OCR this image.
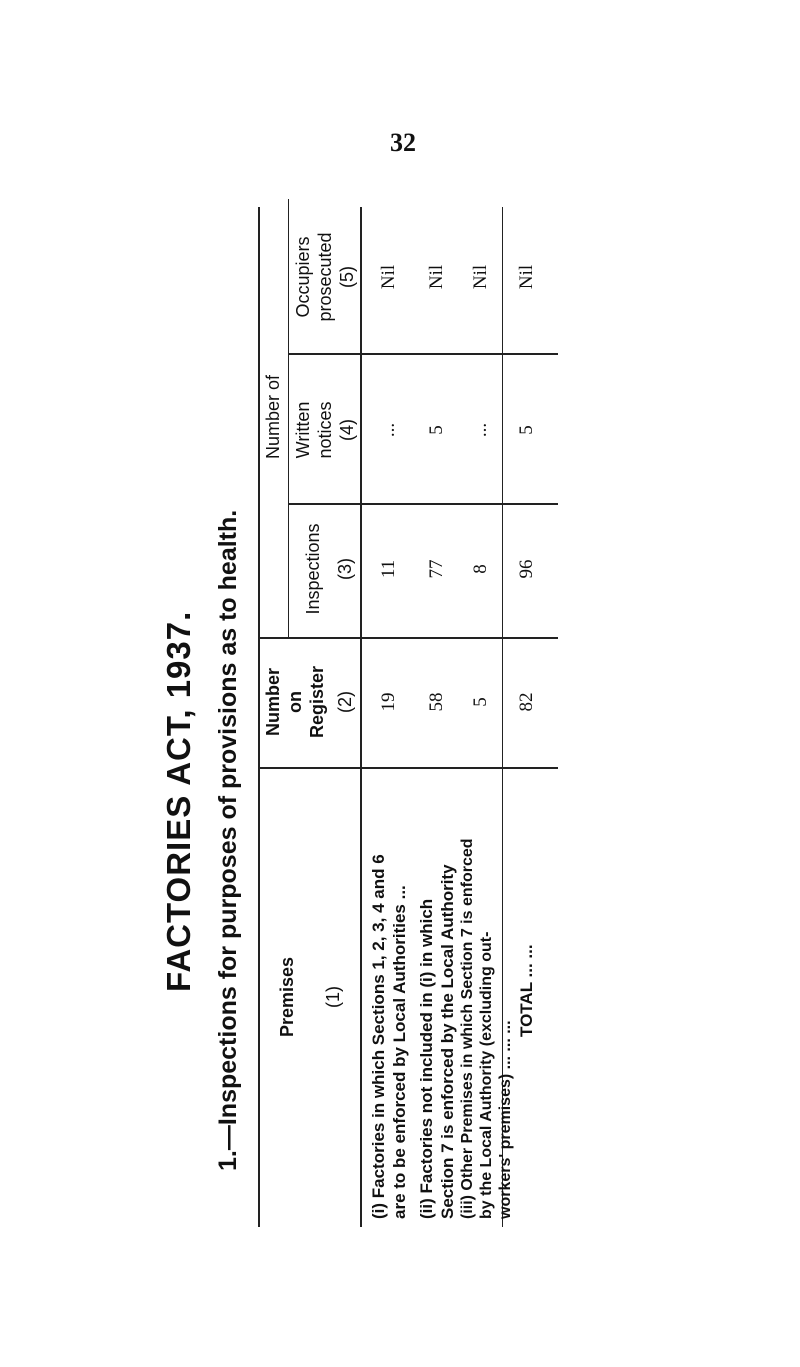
32
FACTORIES ACT, 1937. 1.—Inspections for purposes of provisions as to health. Premises (1)
Number on Register (2)
Number of
Inspections (3)
Written notices (4)
Occupiers prosecuted (5)
(i) Factories in which Sections 1, 2, 3, 4 and 6 are to be enforced by Local Authorities ...
19
11
...
Nil
(ii) Factories not included in (i) in which Section 7 is enforced by the Local Authority
58
77
5
Nil
(iii) Other Premises in which Section 7 is enforced by the Local Authority (excluding out- workers' premises) ... ... ...
5
8
...
Nil
TOTAL ... ...
82
96
5
Nil
